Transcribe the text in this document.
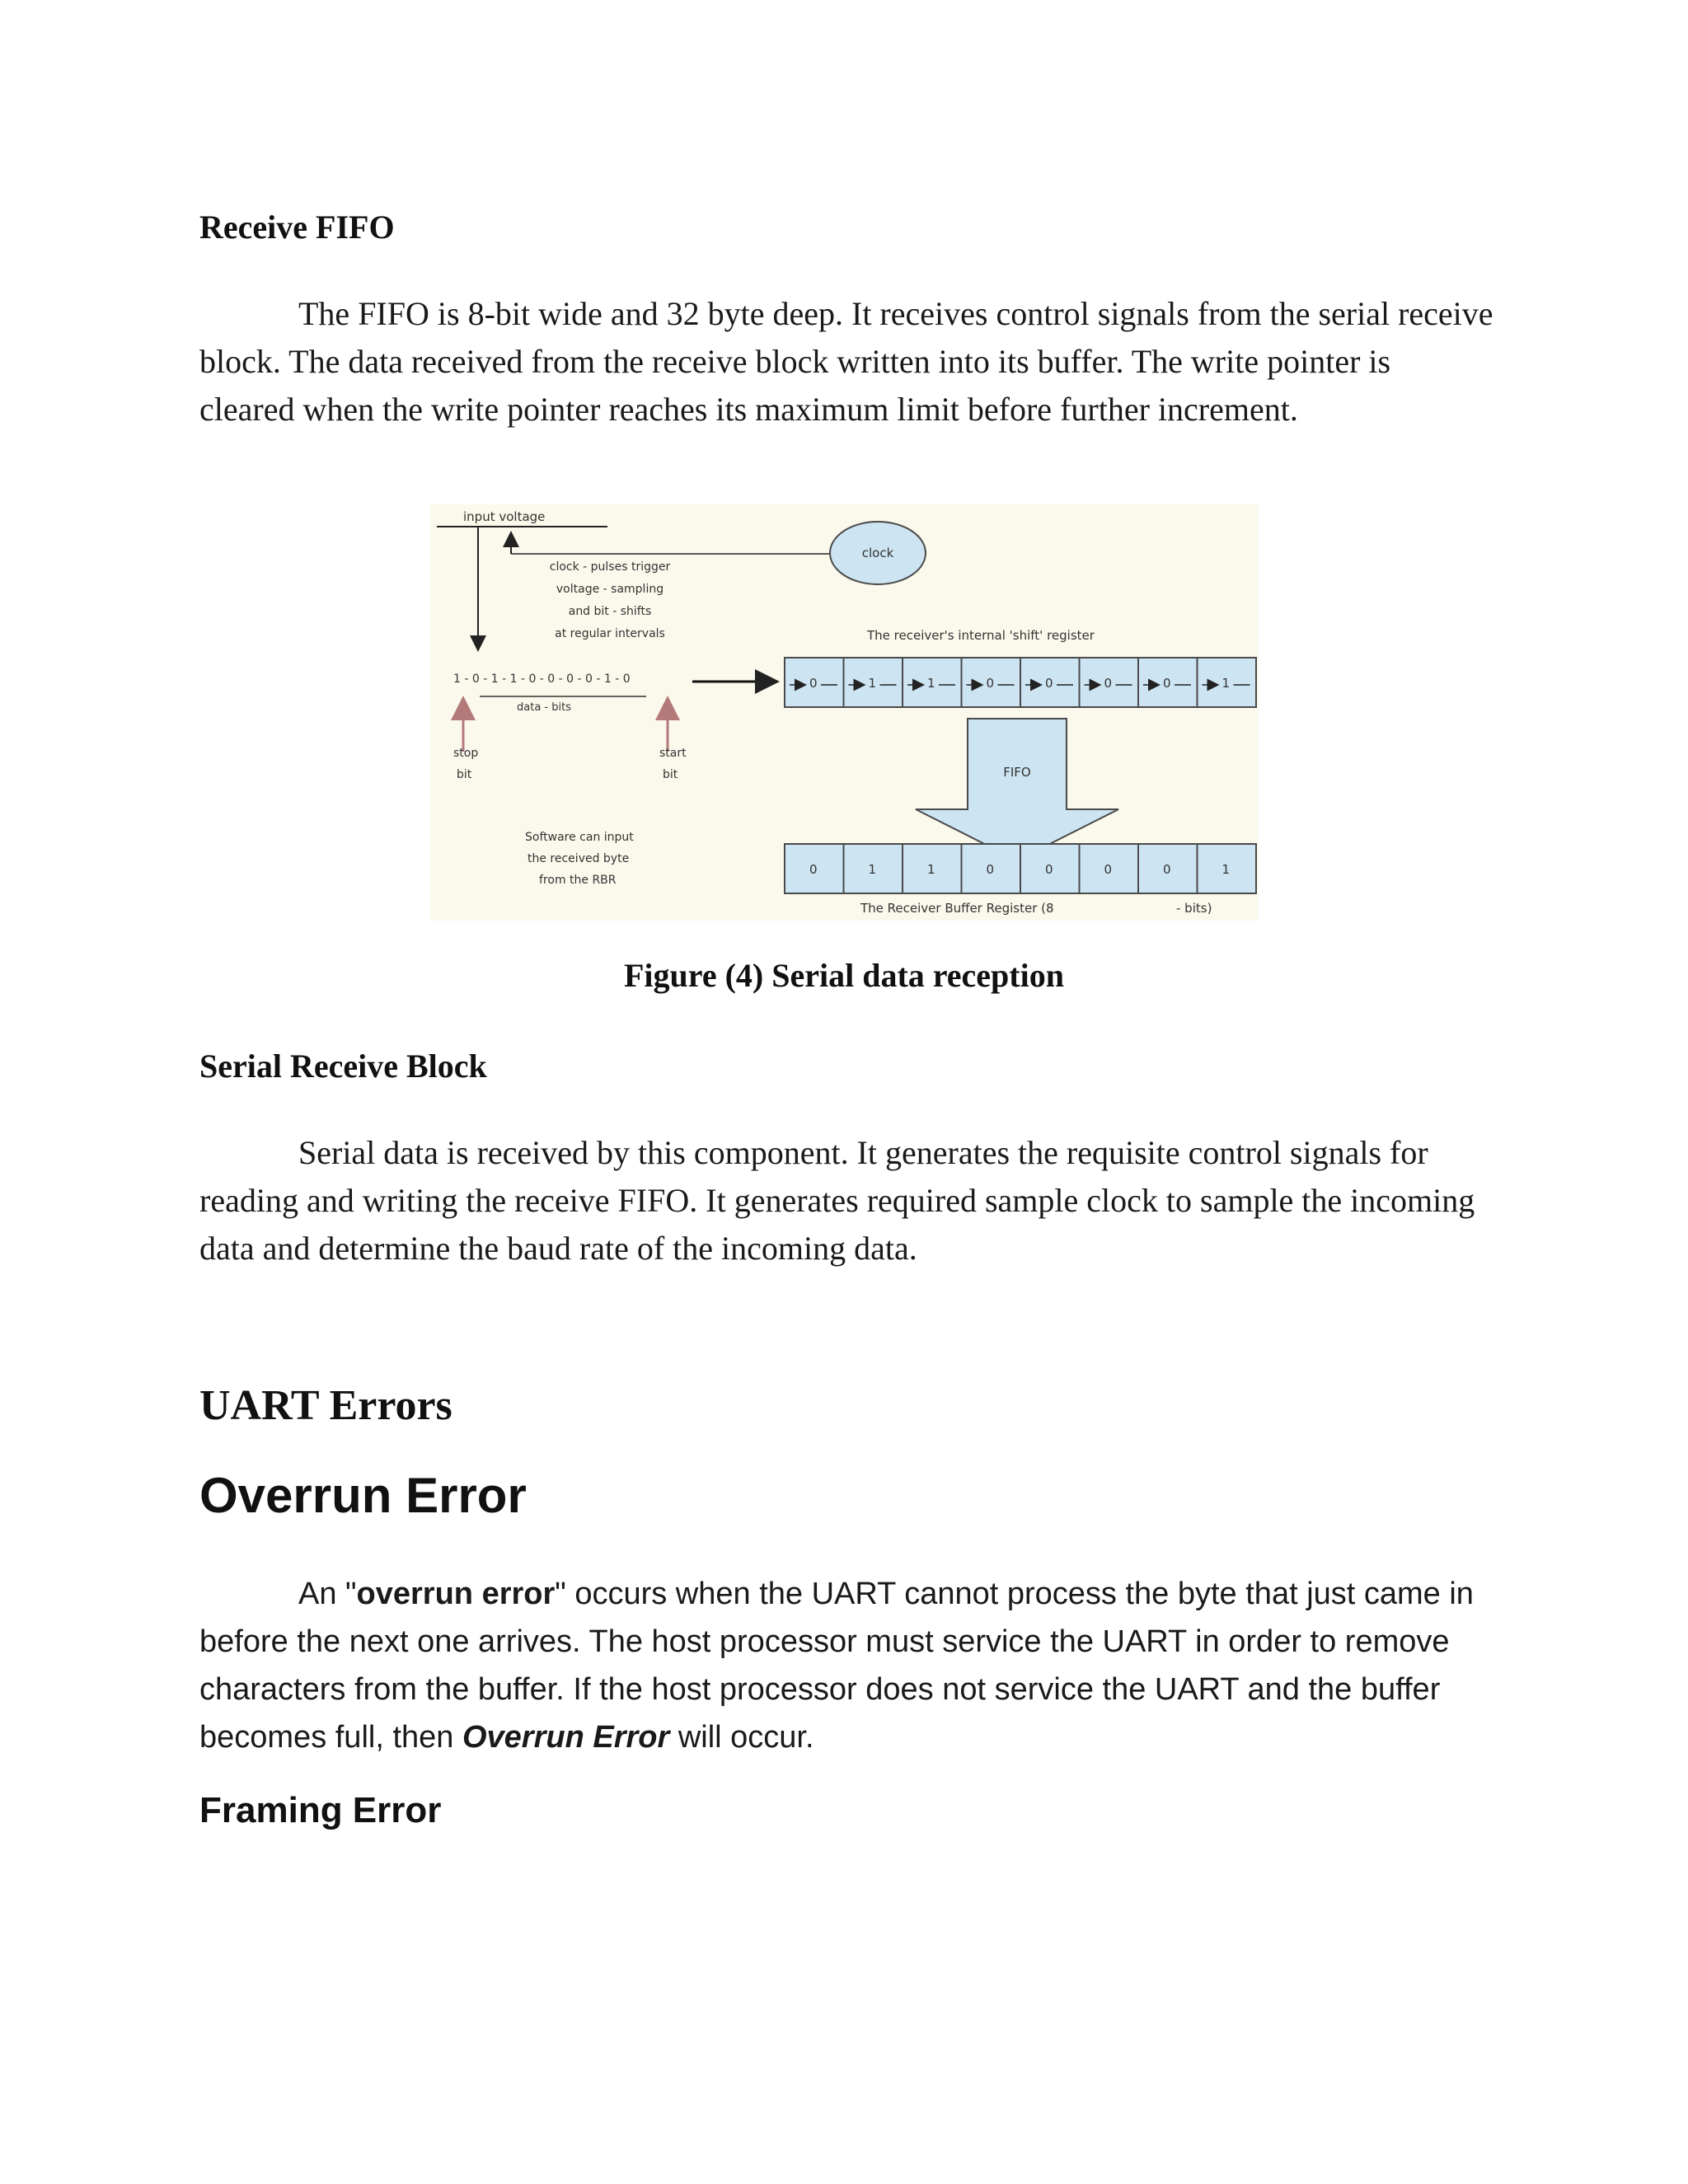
Receive FIFO

The FIFO is 8-bit wide and 32 byte deep. It receives control signals from the serial receive block. The data received from the receive block written into its buffer. The write pointer is cleared when the write pointer reaches its maximum limit before further increment.

input voltage
clock
clock - pulses trigger
voltage - sampling
and bit - shifts
at regular intervals	The receiver's internal 'shift' register
1 - 0 - 1 - 1 - 0 - 0 - 0 - 0 - 1 - 0
data - bits
stop
bit
start
bit	FIFO
Software can input
the received byte
from the RBR
0	1	1	0	0	0	0	1
0	1	1	0	0	0	0	1
The Receiver Buffer Register (8	- bits)

Figure (4) Serial data reception

Serial Receive Block

Serial data is received by this component. It generates the requisite control signals for reading and writing the receive FIFO. It generates required sample clock to sample the incoming data and determine the baud rate of the incoming data.

UART Errors
Overrun Error

An "overrun error" occurs when the UART cannot process the byte that just came in before the next one arrives. The host processor must service the UART in order to remove characters from the buffer. If the host processor does not service the UART and the buffer becomes full, then Overrun Error will occur.

Framing Error
